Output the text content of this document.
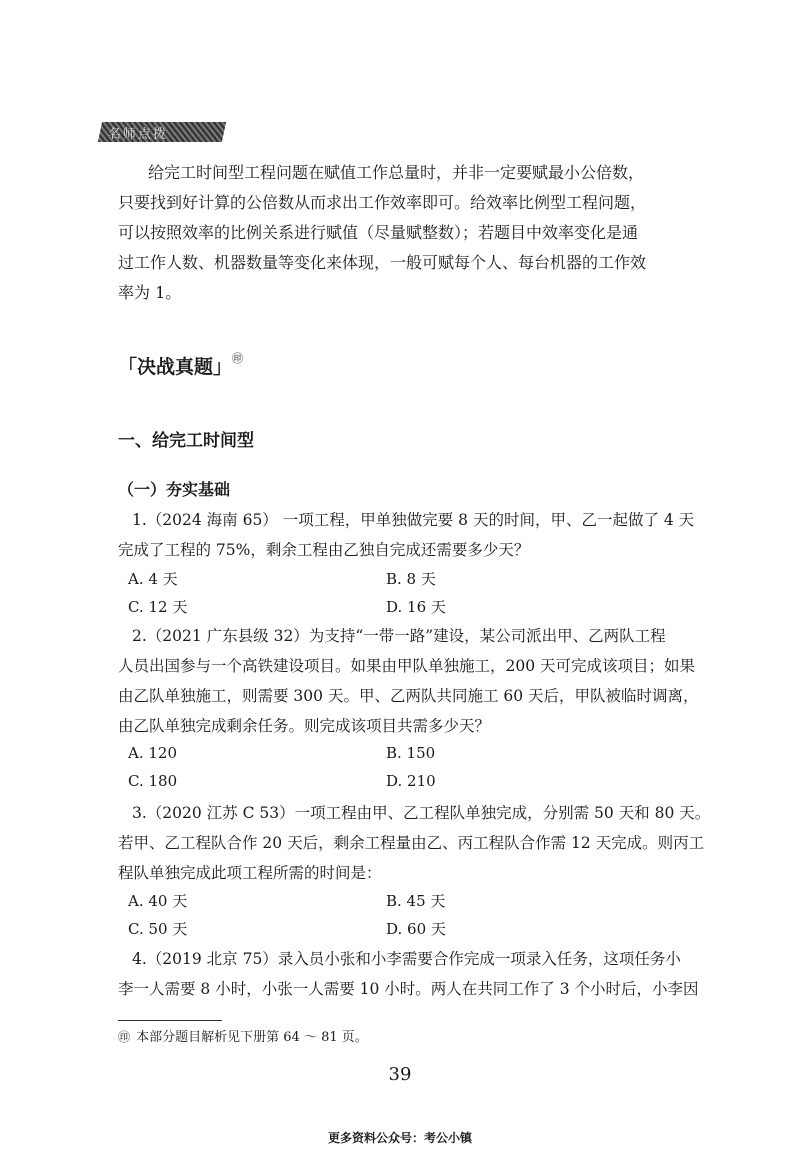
名师点拨
给完工时间型工程问题在赋值工作总量时，并非一定要赋最小公倍数，
只要找到好计算的公倍数从而求出工作效率即可。给效率比例型工程问题，
可以按照效率的比例关系进行赋值（尽量赋整数）；若题目中效率变化是通
过工作人数、机器数量等变化来体现，一般可赋每个人、每台机器的工作效
率为 1。
「决战真题」㊞
一、给完工时间型
（一）夯实基础
1.（2024 海南 65） 一项工程，甲单独做完要 8 天的时间，甲、乙一起做了 4 天
完成了工程的 75%，剩余工程由乙独自完成还需要多少天？
A. 4 天	B. 8 天
C. 12 天	D. 16 天
2.（2021 广东县级 32）为支持“一带一路”建设，某公司派出甲、乙两队工程
人员出国参与一个高铁建设项目。如果由甲队单独施工，200 天可完成该项目；如果
由乙队单独施工，则需要 300 天。甲、乙两队共同施工 60 天后，甲队被临时调离，
由乙队单独完成剩余任务。则完成该项目共需多少天？
A. 120	B. 150
C. 180	D. 210
3.（2020 江苏 C 53）一项工程由甲、乙工程队单独完成，分别需 50 天和 80 天。
若甲、乙工程队合作 20 天后，剩余工程量由乙、丙工程队合作需 12 天完成。则丙工
程队单独完成此项工程所需的时间是：
A. 40 天	B. 45 天
C. 50 天	D. 60 天
4.（2019 北京 75）录入员小张和小李需要合作完成一项录入任务，这项任务小
李一人需要 8 小时，小张一人需要 10 小时。两人在共同工作了 3 个小时后，小李因
㊞ 本部分题目解析见下册第 64 ～ 81 页。
39
更多资料公众号：考公小镇
